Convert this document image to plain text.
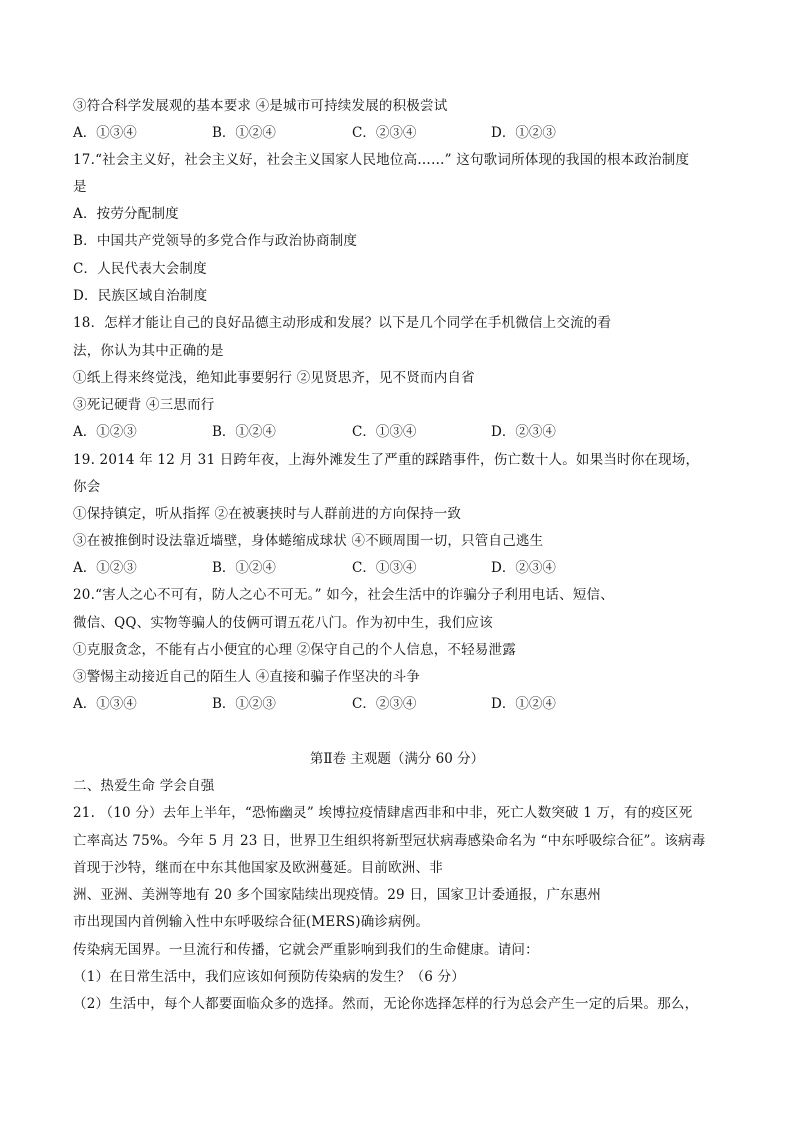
③符合科学发展观的基本要求 ④是城市可持续发展的积极尝试
A．①③④	B．①②④	C．②③④	D．①②③
17.“社会主义好，社会主义好，社会主义国家人民地位高……” 这句歌词所体现的我国的根本政治制度
是
A．按劳分配制度
B．中国共产党领导的多党合作与政治协商制度
C．人民代表大会制度
D．民族区域自治制度
18．怎样才能让自己的良好品德主动形成和发展？以下是几个同学在手机微信上交流的看
法，你认为其中正确的是
①纸上得来终觉浅，绝知此事要躬行 ②见贤思齐，见不贤而内自省
③死记硬背 ④三思而行
A．①②③	B．①②④	C．①③④	D．②③④
19. 2014 年 12 月 31 日跨年夜，上海外滩发生了严重的踩踏事件，伤亡数十人。如果当时你在现场，
你会
①保持镇定，听从指挥 ②在被裹挟时与人群前进的方向保持一致
③在被推倒时设法靠近墙壁，身体蜷缩成球状 ④不顾周围一切，只管自己逃生
A．①②③	B．①②④	C．①③④	D．②③④
20.“害人之心不可有，防人之心不可无。” 如今，社会生活中的诈骗分子利用电话、短信、
微信、QQ、实物等骗人的伎俩可谓五花八门。作为初中生，我们应该
①克服贪念，不能有占小便宜的心理 ②保守自己的个人信息，不轻易泄露
③警惕主动接近自己的陌生人 ④直接和骗子作坚决的斗争
A．①③④	B．①②③	C．②③④	D．①②④
第Ⅱ卷 主观题（满分 60 分）
二、热爱生命 学会自强
21. （10 分）去年上半年，“恐怖幽灵” 埃博拉疫情肆虐西非和中非，死亡人数突破 1 万，有的疫区死
亡率高达 75%。今年 5 月 23 日，世界卫生组织将新型冠状病毒感染命名为 “中东呼吸综合征”。该病毒
首现于沙特，继而在中东其他国家及欧洲蔓延。目前欧洲、非
洲、亚洲、美洲等地有 20 多个国家陆续出现疫情。29 日，国家卫计委通报，广东惠州
市出现国内首例输入性中东呼吸综合征(MERS)确诊病例。
传染病无国界。一旦流行和传播，它就会严重影响到我们的生命健康。请问：
（1）在日常生活中，我们应该如何预防传染病的发生？（6 分）
（2）生活中，每个人都要面临众多的选择。然而，无论你选择怎样的行为总会产生一定的后果。那么，
